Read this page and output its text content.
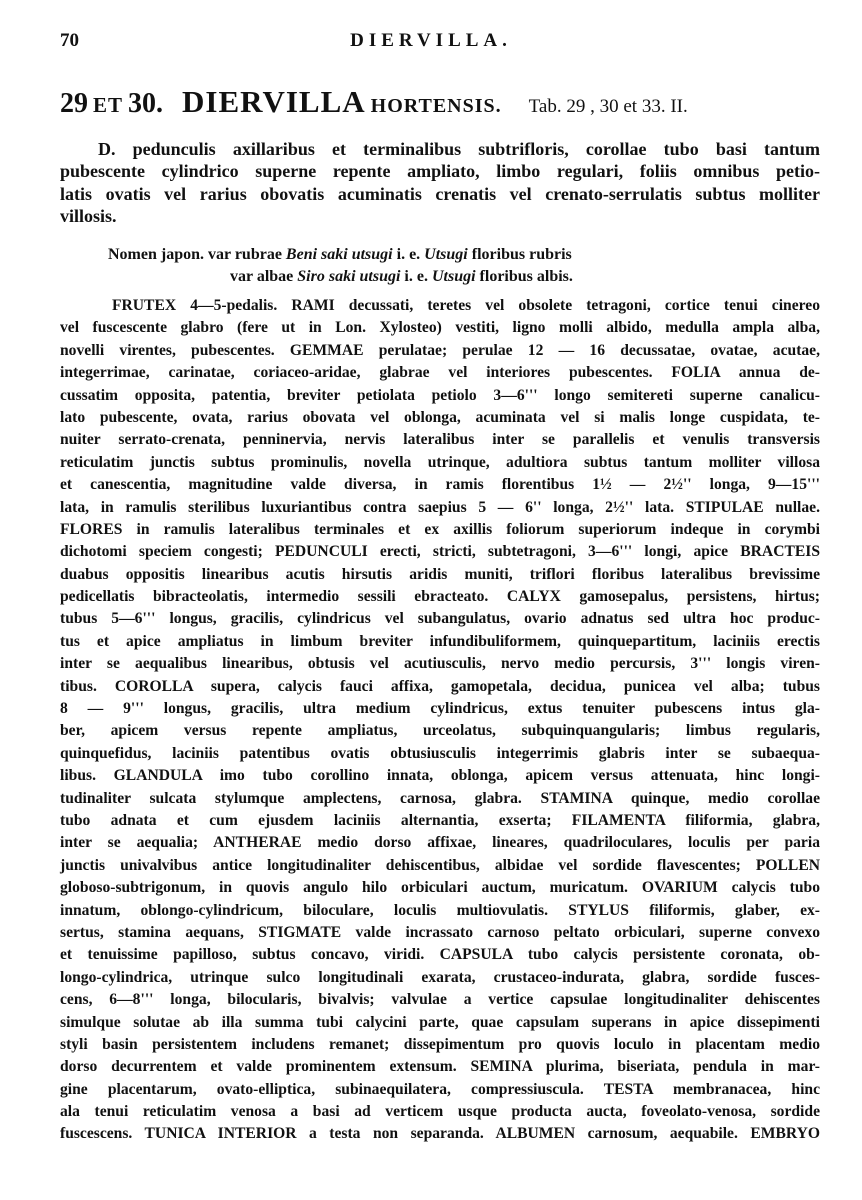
70	DIERVILLA.
29 ET 30. DIERVILLA HORTENSIS. Tab. 29 , 30 et 33. II.
D. pedunculis axillaribus et terminalibus subtrifloris, corollae tubo basi tantum
pubescente cylindrico superne repente ampliato, limbo regulari, foliis omnibus petio-
latis ovatis vel rarius obovatis acuminatis crenatis vel crenato-serrulatis subtus molliter
villosis.
Nomen japon. var rubrae Beni saki utsugi i. e. Utsugi floribus rubris
var albae Siro saki utsugi i. e. Utsugi floribus albis.
FRUTEX 4—5-pedalis. RAMI decussati, teretes vel obsolete tetragoni, cortice tenui cinereo
vel fuscescente glabro (fere ut in Lon. Xylosteo) vestiti, ligno molli albido, medulla ampla alba,
novelli virentes, pubescentes. GEMMAE perulatae; perulae 12 — 16 decussatae, ovatae, acutae,
integerrimae, carinatae, coriaceo-aridae, glabrae vel interiores pubescentes. FOLIA annua de-
cussatim opposita, patentia, breviter petiolata petiolo 3—6''' longo semitereti superne canalicu-
lato pubescente, ovata, rarius obovata vel oblonga, acuminata vel si malis longe cuspidata, te-
nuiter serrato-crenata, penninervia, nervis lateralibus inter se parallelis et venulis transversis
reticulatim junctis subtus prominulis, novella utrinque, adultiora subtus tantum molliter villosa
et canescentia, magnitudine valde diversa, in ramis florentibus 1½ — 2½'' longa, 9—15'''
lata, in ramulis sterilibus luxuriantibus contra saepius 5 — 6'' longa, 2½'' lata. STIPULAE nullae.
FLORES in ramulis lateralibus terminales et ex axillis foliorum superiorum indeque in corymbi
dichotomi speciem congesti; PEDUNCULI erecti, stricti, subtetragoni, 3—6''' longi, apice BRACTEIS
duabus oppositis linearibus acutis hirsutis aridis muniti, triflori floribus lateralibus brevissime
pedicellatis bibracteolatis, intermedio sessili ebracteato. CALYX gamosepalus, persistens, hirtus;
tubus 5—6''' longus, gracilis, cylindricus vel subangulatus, ovario adnatus sed ultra hoc produc-
tus et apice ampliatus in limbum breviter infundibuliformem, quinquepartitum, laciniis erectis
inter se aequalibus linearibus, obtusis vel acutiusculis, nervo medio percursis, 3''' longis viren-
tibus. COROLLA supera, calycis fauci affixa, gamopetala, decidua, punicea vel alba; tubus
8 — 9''' longus, gracilis, ultra medium cylindricus, extus tenuiter pubescens intus gla-
ber, apicem versus repente ampliatus, urceolatus, subquinquangularis; limbus regularis,
quinquefidus, laciniis patentibus ovatis obtusiusculis integerrimis glabris inter se subaequa-
libus. GLANDULA imo tubo corollino innata, oblonga, apicem versus attenuata, hinc longi-
tudinaliter sulcata stylumque amplectens, carnosa, glabra. STAMINA quinque, medio corollae
tubo adnata et cum ejusdem laciniis alternantia, exserta; FILAMENTA filiformia, glabra,
inter se aequalia; ANTHERAE medio dorso affixae, lineares, quadriloculares, loculis per paria
junctis univalvibus antice longitudinaliter dehiscentibus, albidae vel sordide flavescentes; POLLEN
globoso-subtrigonum, in quovis angulo hilo orbiculari auctum, muricatum. OVARIUM calycis tubo
innatum, oblongo-cylindricum, biloculare, loculis multiovulatis. STYLUS filiformis, glaber, ex-
sertus, stamina aequans, STIGMATE valde incrassato carnoso peltato orbiculari, superne convexo
et tenuissime papilloso, subtus concavo, viridi. CAPSULA tubo calycis persistente coronata, ob-
longo-cylindrica, utrinque sulco longitudinali exarata, crustaceo-indurata, glabra, sordide fusces-
cens, 6—8''' longa, bilocularis, bivalvis; valvulae a vertice capsulae longitudinaliter dehiscentes
simulque solutae ab illa summa tubi calycini parte, quae capsulam superans in apice dissepimenti
styli basin persistentem includens remanet; dissepimentum pro quovis loculo in placentam medio
dorso decurrentem et valde prominentem extensum. SEMINA plurima, biseriata, pendula in mar-
gine placentarum, ovato-elliptica, subinaequilatera, compressiuscula. TESTA membranacea, hinc
ala tenui reticulatim venosa a basi ad verticem usque producta aucta, foveolato-venosa, sordide
fuscescens. TUNICA INTERIOR a testa non separanda. ALBUMEN carnosum, aequabile. EMBRYO
